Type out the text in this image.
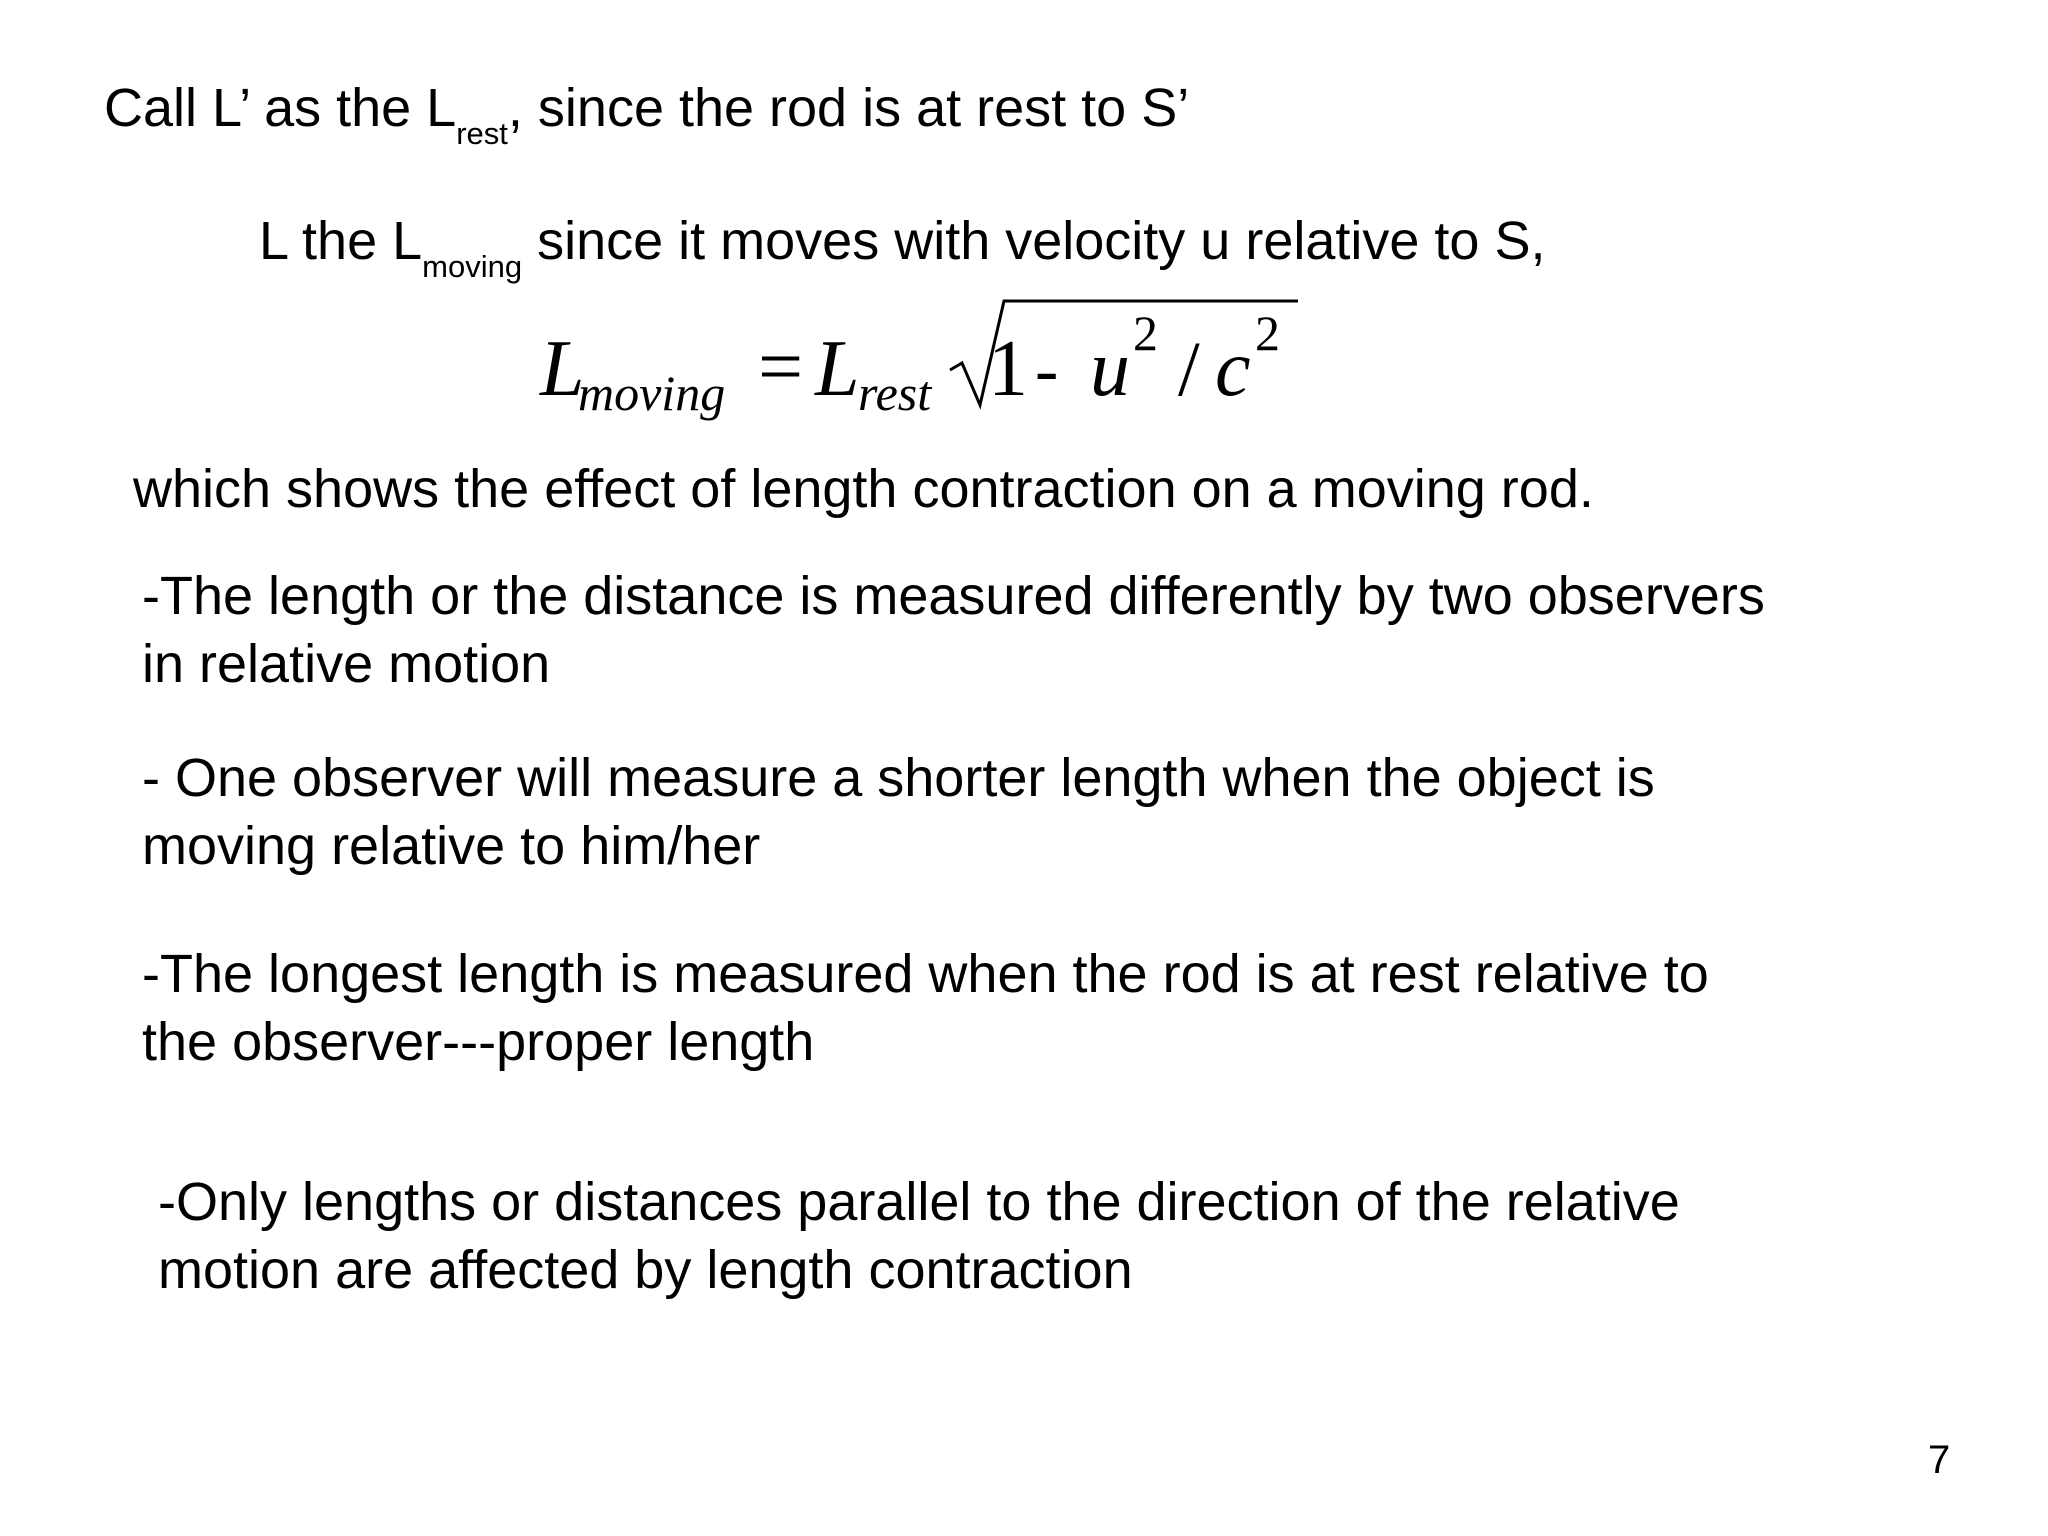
Call L’ as the $L_{rest}$, since the rod is at rest to S’
L the $L_{moving}$ since it moves with velocity u relative to S,
L
moving = L
rest 1 - u 2 / c 2
which shows the effect of length contraction on a moving rod.
-The length or the distance is measured differently by two observers
in relative motion
- One observer will measure a shorter length when the object is
moving relative to him/her
-The longest length is measured when the rod is at rest relative to
the observer---proper length
-Only lengths or distances parallel to the direction of the relative
motion are affected by length contraction
7
